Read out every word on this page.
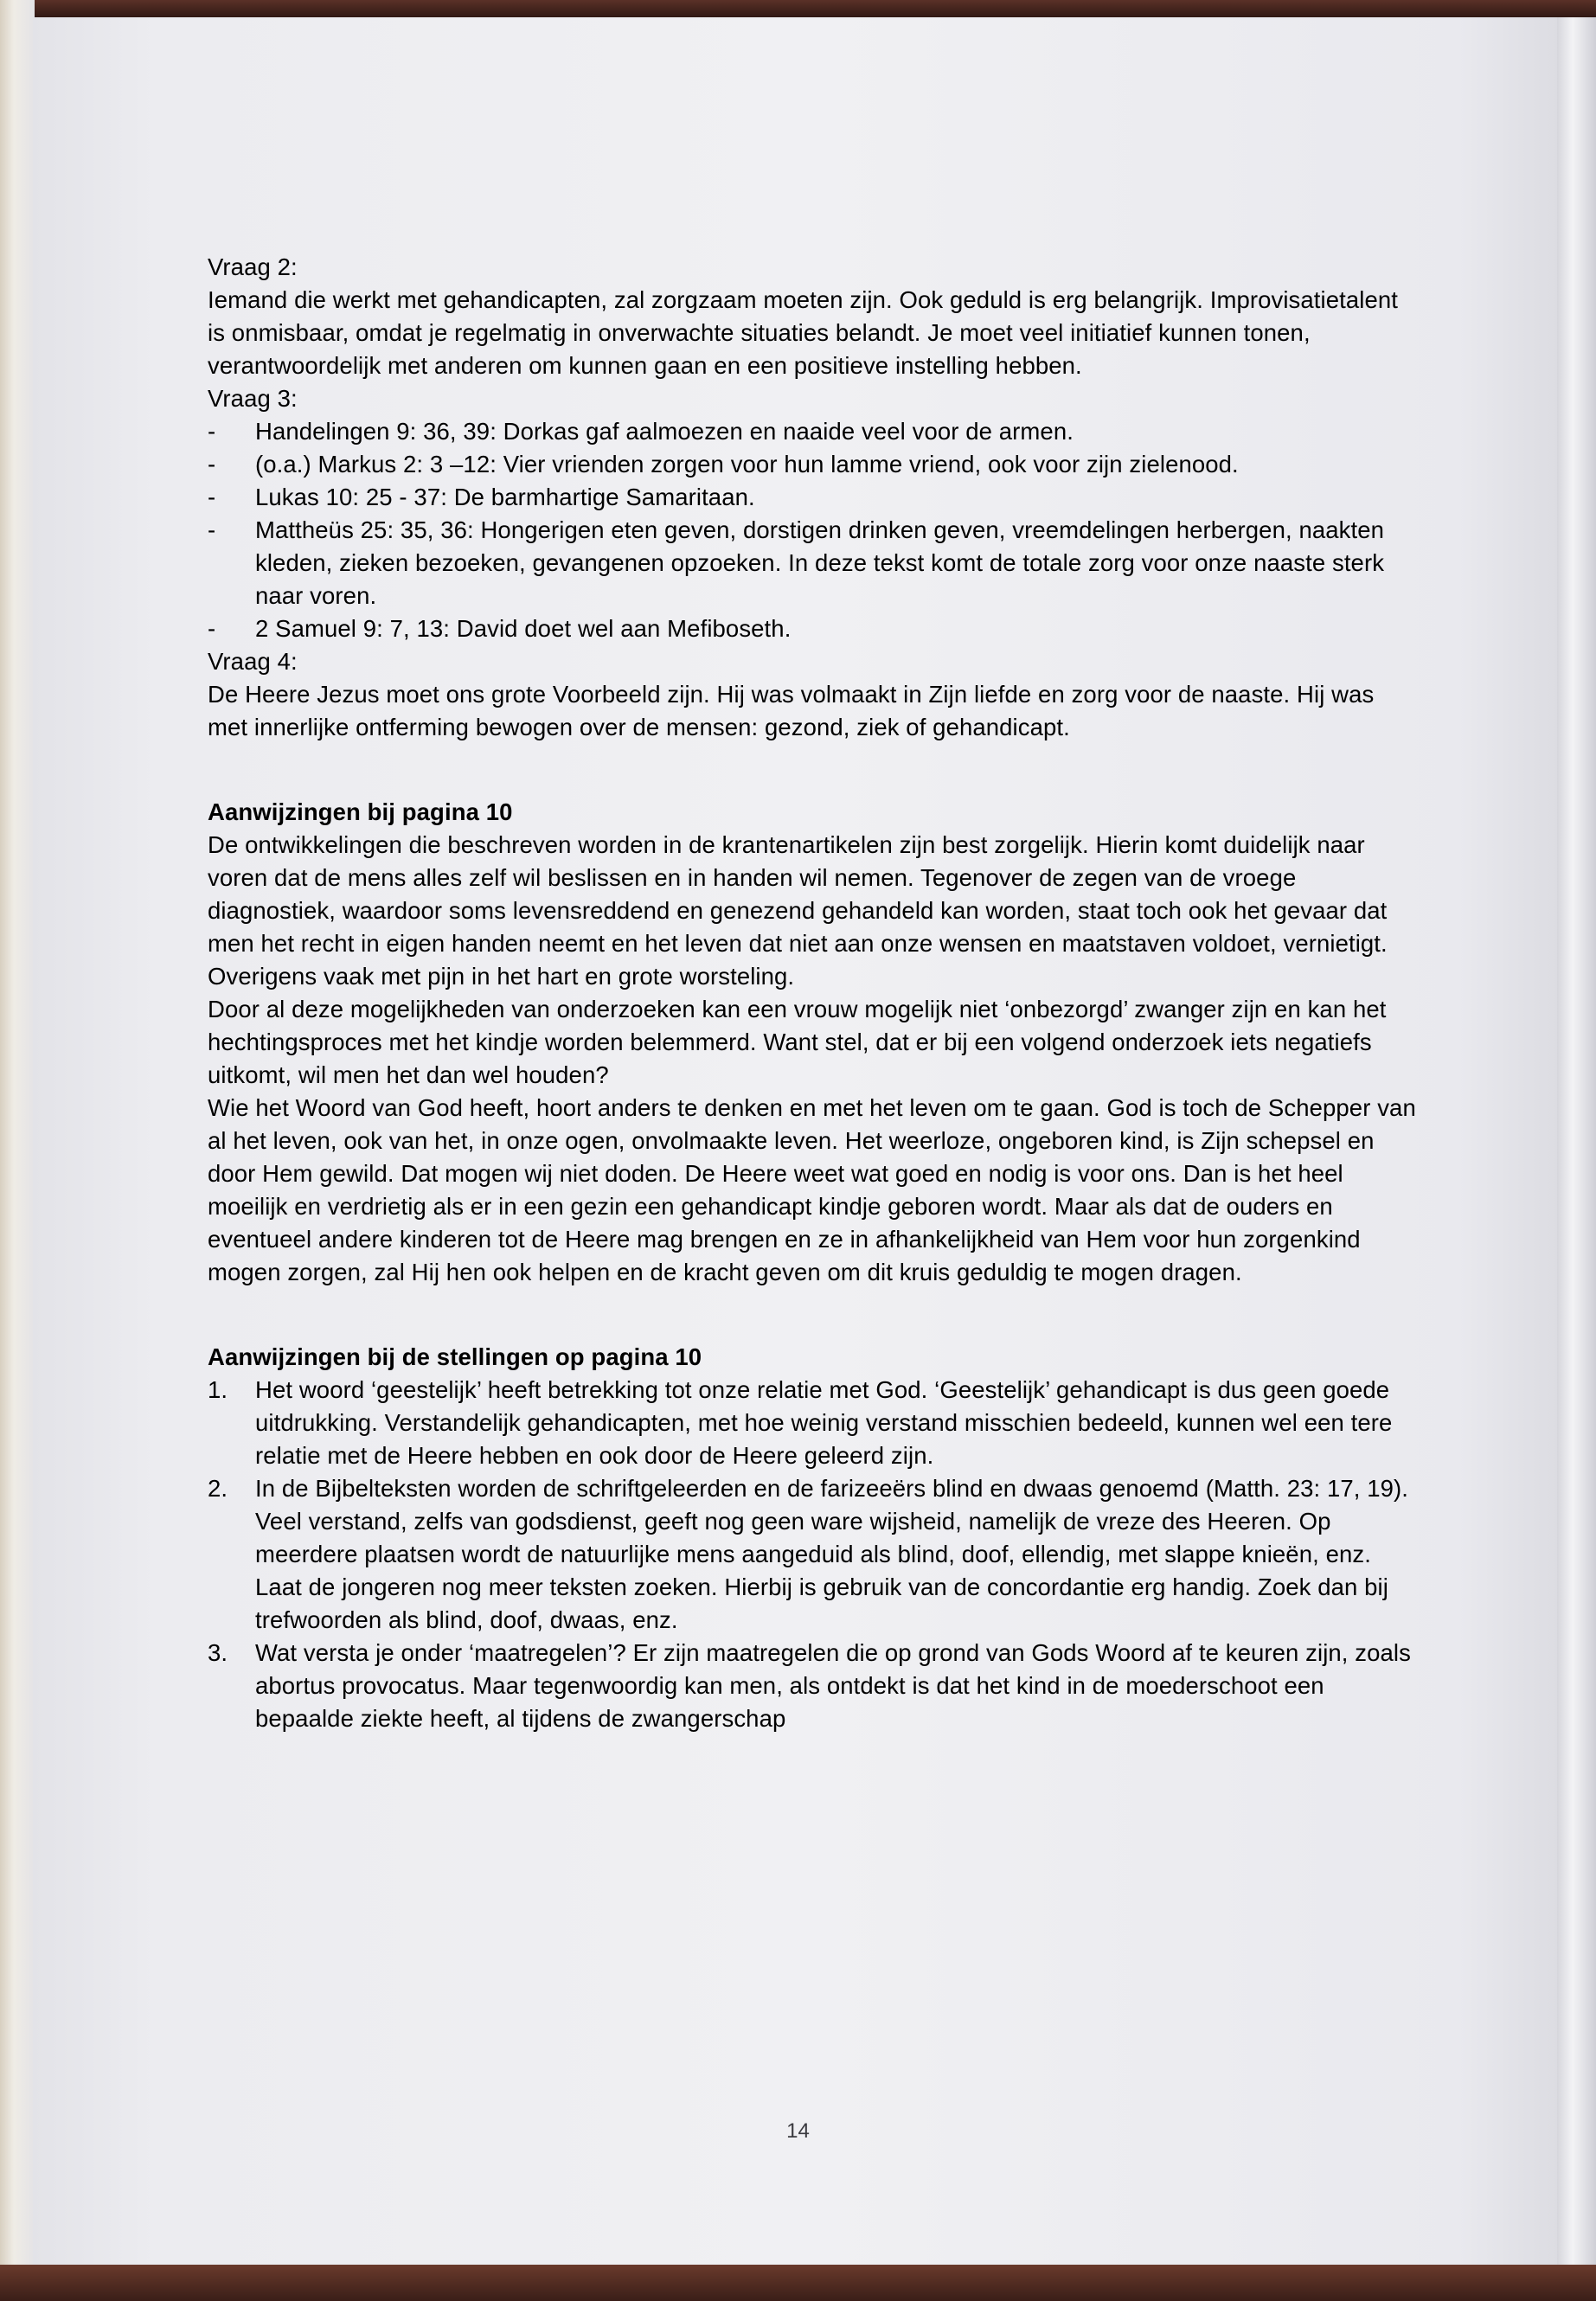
Vraag 2:

Iemand die werkt met gehandicapten, zal zorgzaam moeten zijn. Ook geduld is erg belangrijk. Improvisatietalent is onmisbaar, omdat je regelmatig in onverwachte situaties belandt. Je moet veel initiatief kunnen tonen, verantwoordelijk met anderen om kunnen gaan en een positieve instelling hebben.

Vraag 3:

- Handelingen 9: 36, 39: Dorkas gaf aalmoezen en naaide veel voor de armen.
- (o.a.) Markus 2: 3 –12: Vier vrienden zorgen voor hun lamme vriend, ook voor zijn zielenood.
- Lukas 10: 25 - 37: De barmhartige Samaritaan.
- Mattheüs 25: 35, 36: Hongerigen eten geven, dorstigen drinken geven, vreemdelingen herbergen, naakten kleden, zieken bezoeken, gevangenen opzoeken. In deze tekst komt de totale zorg voor onze naaste sterk naar voren.
- 2 Samuel 9: 7, 13: David doet wel aan Mefiboseth.

Vraag 4:

De Heere Jezus moet ons grote Voorbeeld zijn. Hij was volmaakt in Zijn liefde en zorg voor de naaste. Hij was met innerlijke ontferming bewogen over de mensen: gezond, ziek of gehandicapt.

Aanwijzingen bij pagina 10

De ontwikkelingen die beschreven worden in de krantenartikelen zijn best zorgelijk. Hierin komt duidelijk naar voren dat de mens alles zelf wil beslissen en in handen wil nemen. Tegenover de zegen van de vroege diagnostiek, waardoor soms levensreddend en genezend gehandeld kan worden, staat toch ook het gevaar dat men het recht in eigen handen neemt en het leven dat niet aan onze wensen en maatstaven voldoet, vernietigt. Overigens vaak met pijn in het hart en grote worsteling.

Door al deze mogelijkheden van onderzoeken kan een vrouw mogelijk niet ‘onbezorgd’ zwanger zijn en kan het hechtingsproces met het kindje worden belemmerd. Want stel, dat er bij een volgend onderzoek iets negatiefs uitkomt, wil men het dan wel houden?

Wie het Woord van God heeft, hoort anders te denken en met het leven om te gaan. God is toch de Schepper van al het leven, ook van het, in onze ogen, onvolmaakte leven. Het weerloze, ongeboren kind, is Zijn schepsel en door Hem gewild. Dat mogen wij niet doden. De Heere weet wat goed en nodig is voor ons. Dan is het heel moeilijk en verdrietig als er in een gezin een gehandicapt kindje geboren wordt. Maar als dat de ouders en eventueel andere kinderen tot de Heere mag brengen en ze in afhankelijkheid van Hem voor hun zorgenkind mogen zorgen, zal Hij hen ook helpen en de kracht geven om dit kruis geduldig te mogen dragen.

Aanwijzingen bij de stellingen op pagina 10

1. Het woord ‘geestelijk’ heeft betrekking tot onze relatie met God. ‘Geestelijk’ gehandicapt is dus geen goede uitdrukking. Verstandelijk gehandicapten, met hoe weinig verstand misschien bedeeld, kunnen wel een tere relatie met de Heere hebben en ook door de Heere geleerd zijn.
2. In de Bijbelteksten worden de schriftgeleerden en de farizeeërs blind en dwaas genoemd (Matth. 23: 17, 19). Veel verstand, zelfs van godsdienst, geeft nog geen ware wijsheid, namelijk de vreze des Heeren. Op meerdere plaatsen wordt de natuurlijke mens aangeduid als blind, doof, ellendig, met slappe knieën, enz. Laat de jongeren nog meer teksten zoeken. Hierbij is gebruik van de concordantie erg handig. Zoek dan bij trefwoorden als blind, doof, dwaas, enz.
3. Wat versta je onder ‘maatregelen’? Er zijn maatregelen die op grond van Gods Woord af te keuren zijn, zoals abortus provocatus. Maar tegenwoordig kan men, als ontdekt is dat het kind in de moederschoot een bepaalde ziekte heeft, al tijdens de zwangerschap
14
